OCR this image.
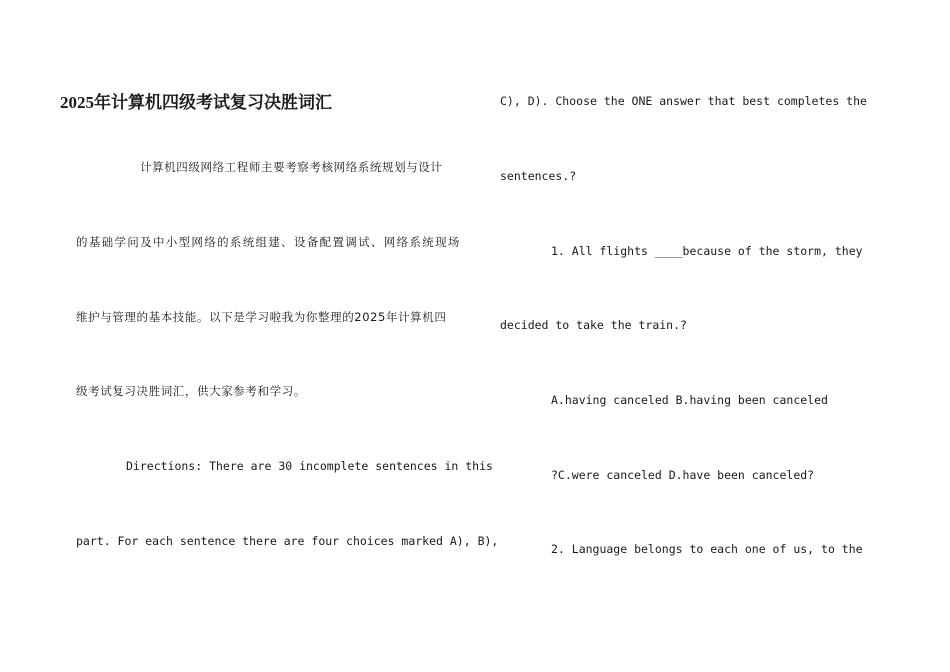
2025年计算机四级考试复习决胜词汇
计算机四级网络工程师主要考察考核网络系统规划与设计
的基础学问及中小型网络的系统组建、设备配置调试、网络系统现场
维护与管理的基本技能。以下是学习啦我为你整理的2025年计算机四
级考试复习决胜词汇，供大家参考和学习。
Directions: There are 30 incomplete sentences in this
part. For each sentence there are four choices marked A), B),
C), D). Choose the ONE answer that best completes the
sentences.?
1. All flights ____because of the storm, they
decided to take the train.?
A.having canceled B.having been canceled
?C.were canceled D.have been canceled?
2. Language belongs to each one of us, to the
